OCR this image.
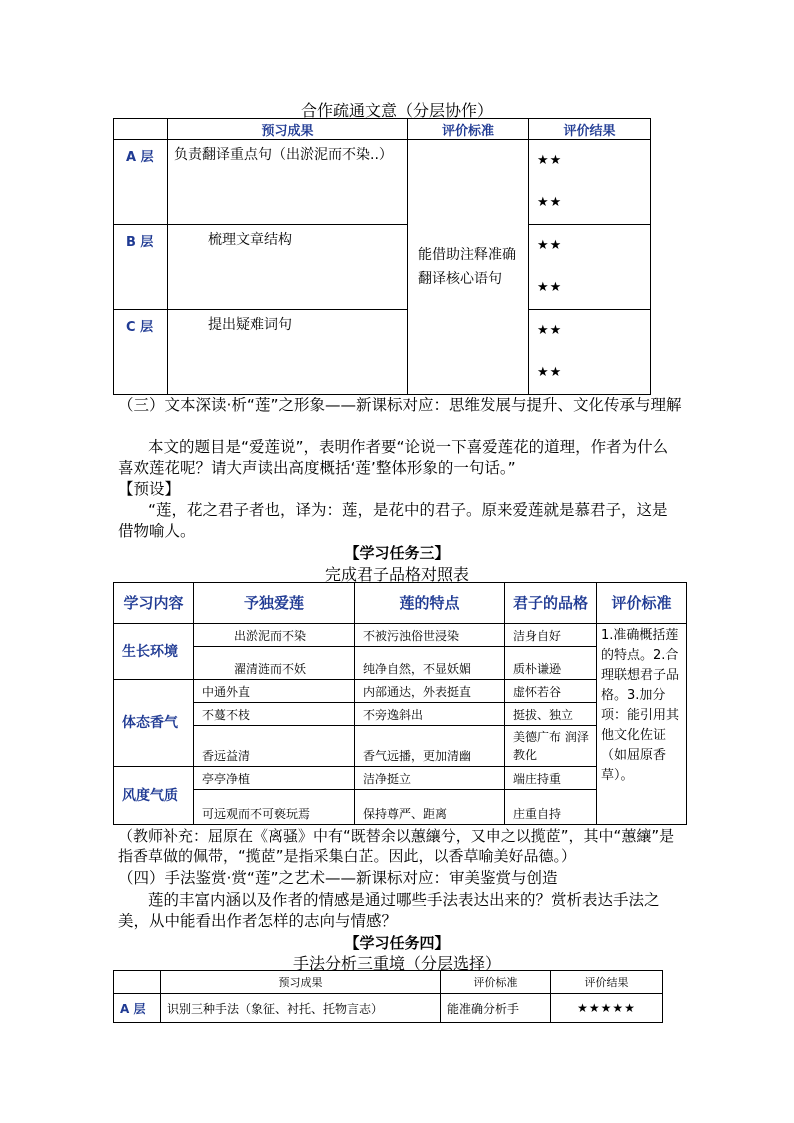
合作疏通文意（分层协作）
	预习成果	评价标准	评价结果
A 层	负责翻译重点句（出淤泥而不染..）	能借助注释准确翻译核心语句	★★
★★

B 层	梳理文章结构		★★
★★

C 层	提出疑难词句		★★
★★
（三）文本深读·析“莲”之形象——新课标对应：思维发展与提升、文化传承与理解
本文的题目是“爱莲说”，表明作者要“论说一下喜爱莲花的道理，作者为什么喜欢莲花呢？请大声读出高度概括‘莲’整体形象的一句话。”
【预设】
“莲，花之君子者也，译为：莲，是花中的君子。原来爱莲就是慕君子，这是借物喻人。
【学习任务三】
完成君子品格对照表
学习内容	予独爱莲	莲的特点	君子的品格	评价标准
生长环境	出淤泥而不染	不被污浊俗世浸染	洁身自好	1.准确概括莲的特点。2.合理联想君子品格。3.加分项：能引用其他文化佐证（如屈原香草）。
	濯清涟而不妖	纯净自然，不显妖媚	质朴谦逊	
体态香气	中通外直	内部通达，外表挺直	虚怀若谷	
	不蔓不枝	不旁逸斜出	挺拔、独立	
	香远益清	香气远播，更加清幽	美德广布 润泽教化	
风度气质	亭亭净植	洁净挺立	端庄持重	
	可远观而不可亵玩焉	保持尊严、距离	庄重自持	
（教师补充：屈原在《离骚》中有“既替余以蕙纕兮，又申之以揽茝”，其中“蕙纕”是指香草做的佩带，“揽茝”是指采集白芷。因此，以香草喻美好品德。）
（四）手法鉴赏·赏“莲”之艺术——新课标对应：审美鉴赏与创造
莲的丰富内涵以及作者的情感是通过哪些手法表达出来的？赏析表达手法之美，从中能看出作者怎样的志向与情感？
【学习任务四】
手法分析三重境（分层选择）
	预习成果	评价标准	评价结果
A 层	识别三种手法（象征、衬托、托物言志）	能准确分析手	★★★★★
